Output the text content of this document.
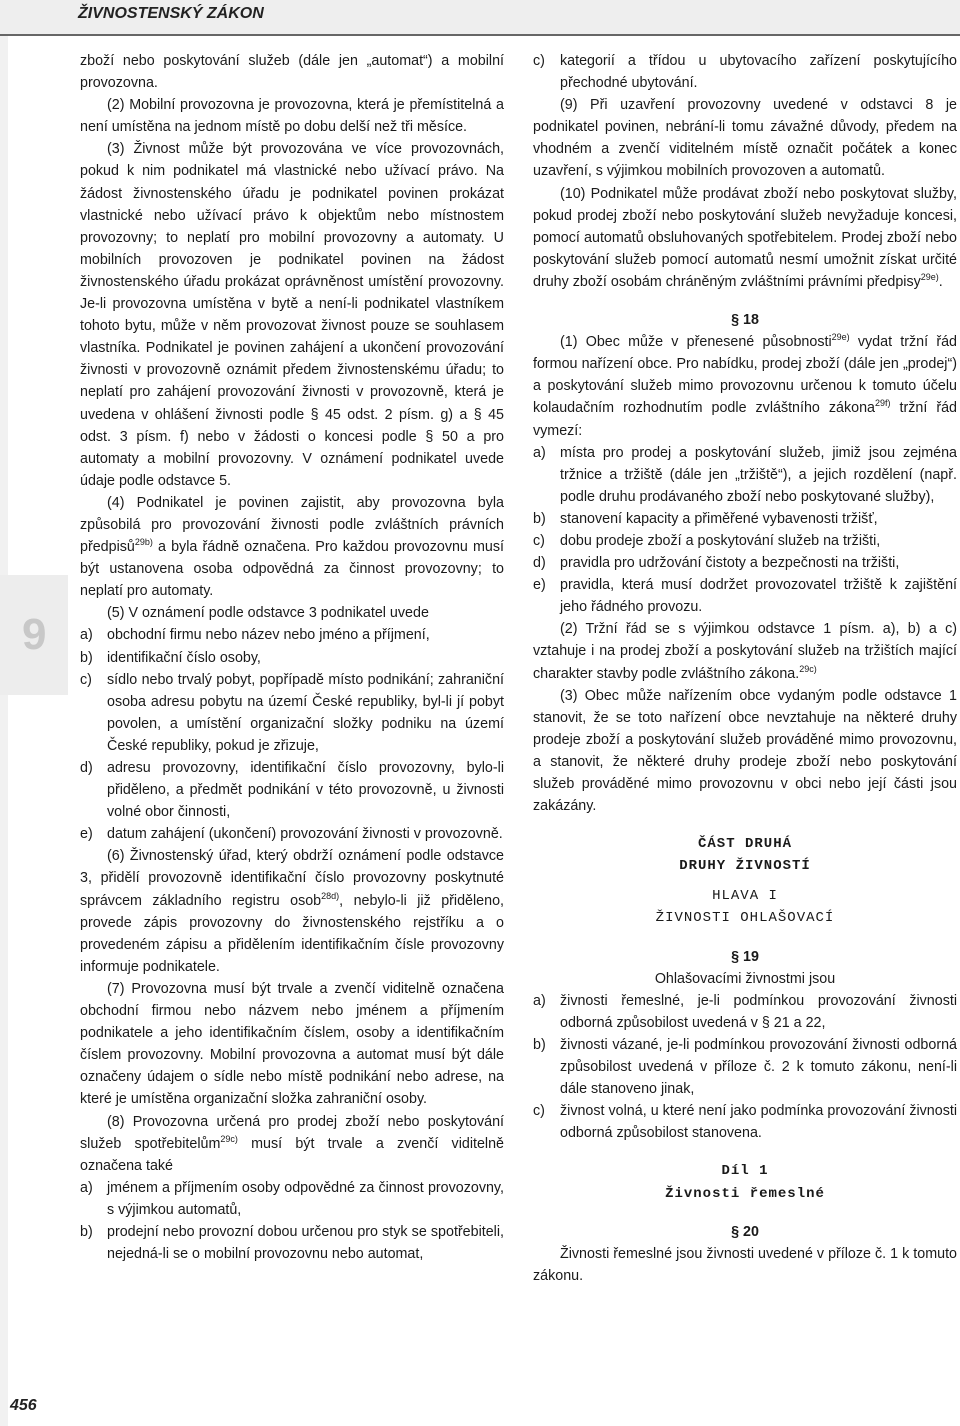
ŽIVNOSTENSKÝ ZÁKON
9

zboží nebo poskytování služeb (dále jen „automat“) a mobilní provozovna.

(2) Mobilní provozovna je provozovna, která je přemístitelná a není umístěna na jednom místě po dobu delší než tři měsíce.

(3) Živnost může být provozována ve více provozovnách, pokud k nim podnikatel má vlastnické nebo užívací právo. Na žádost živnostenského úřadu je podnikatel povinen prokázat vlastnické nebo užívací právo k objektům nebo místnostem provozovny; to neplatí pro mobilní provozovny a automaty. U mobilních provozoven je podnikatel povinen na žádost živnostenského úřadu prokázat oprávněnost umístění provozovny. Je-li provozovna umístěna v bytě a není-li podnikatel vlastníkem tohoto bytu, může v něm provozovat živnost pouze se souhlasem vlastníka. Podnikatel je povinen zahájení a ukončení provozování živnosti v provozovně oznámit předem živnostenskému úřadu; to neplatí pro zahájení provozování živnosti v provozovně, která je uvedena v ohlášení živnosti podle § 45 odst. 2 písm. g) a § 45 odst. 3 písm. f) nebo v žádosti o koncesi podle § 50 a pro automaty a mobilní provozovny. V oznámení podnikatel uvede údaje podle odstavce 5.

(4) Podnikatel je povinen zajistit, aby provozovna byla způsobilá pro provozování živnosti podle zvláštních právních předpisů$^{29b)}$ a byla řádně označena. Pro každou provozovnu musí být ustanovena osoba odpovědná za činnost provozovny; to neplatí pro automaty.

(5) V oznámení podle odstavce 3 podnikatel uvede

a) obchodní firmu nebo název nebo jméno a příjmení,
b) identifikační číslo osoby,
c)	sídlo nebo trvalý pobyt, popřípadě místo podnikání; zahraniční osoba adresu pobytu na území České republiky, byl-li jí pobyt povolen, a umístění organizační složky podniku na území České republiky, pokud je zřizuje,
d) adresu provozovny, identifikační číslo provozovny, bylo-li přiděleno, a předmět podnikání v této provozovně, u živnosti volné obor činnosti,
e) datum zahájení (ukončení) provozování živnosti v provozovně.

(6) Živnostenský úřad, který obdrží oznámení podle odstavce 3, přidělí provozovně identifikační číslo provozovny poskytnuté správcem základního registru osob$^{28d)}$, nebylo-li již přiděleno, provede zápis provozovny do živnostenského rejstříku a o provedeném zápisu a přidělením identifikačním čísle provozovny informuje podnikatele.

(7) Provozovna musí být trvale a zvenčí viditelně označena obchodní firmou nebo názvem nebo jménem a příjmením podnikatele a jeho identifikačním číslem, osoby a identifikačním číslem provozovny. Mobilní provozovna a automat musí být dále označeny údajem o sídle nebo místě podnikání nebo adrese, na které je umístěna organizační složka zahraniční osoby.

(8) Provozovna určená pro prodej zboží nebo poskytování služeb spotřebitelům$^{29c)}$ musí být trvale a zvenčí viditelně označena také

a) jménem a příjmením osoby odpovědné za činnost provozovny, s výjimkou automatů,
b) prodejní nebo provozní dobou určenou pro styk se spotřebiteli, nejedná-li se o mobilní provozovnu nebo automat,
c)	kategorií a třídou u ubytovacího zařízení poskytujícího přechodné ubytování.

(9) Při uzavření provozovny uvedené v odstavci 8 je podnikatel povinen, nebrání-li tomu závažné důvody, předem na vhodném a zvenčí viditelném místě označit počátek a konec uzavření, s výjimkou mobilních provozoven a automatů.

(10) Podnikatel může prodávat zboží nebo poskytovat služby, pokud prodej zboží nebo poskytování služeb nevyžaduje koncesi, pomocí automatů obsluhovaných spotřebitelem. Prodej zboží nebo poskytování služeb pomocí automatů nesmí umožnit získat určité druhy zboží osobám chráněným zvláštními právními předpisy$^{29e)}$.

§ 18

(1) Obec může v přenesené působnosti$^{29e)}$ vydat tržní řád formou nařízení obce. Pro nabídku, prodej zboží (dále jen „prodej“) a poskytování služeb mimo provozovnu určenou k tomuto účelu kolaudačním rozhodnutím podle zvláštního zákona$^{29f)}$ tržní řád vymezí:

a) místa pro prodej a poskytování služeb, jimiž jsou zejména tržnice a tržiště (dále jen „tržiště“), a jejich rozdělení (např. podle druhu prodávaného zboží nebo poskytované služby),
b) stanovení kapacity a přiměřené vybavenosti tržišť,
c)	dobu prodeje zboží a poskytování služeb na tržišti,
d) pravidla pro udržování čistoty a bezpečnosti na tržišti,
e) pravidla, která musí dodržet provozovatel tržiště k zajištění jeho řádného provozu.

(2) Tržní řád se s výjimkou odstavce 1 písm. a), b) a c) vztahuje i na prodej zboží a poskytování služeb na tržištích mající charakter stavby podle zvláštního zákona.$^{29c)}$

(3) Obec může nařízením obce vydaným podle odstavce 1 stanovit, že se toto nařízení obce nevztahuje na některé druhy prodeje zboží a poskytování služeb prováděné mimo provozovnu, a stanovit, že některé druhy prodeje zboží nebo poskytování služeb prováděné mimo provozovnu v obci nebo její části jsou zakázány.

ČÁST DRUHÁ

DRUHY ŽIVNOSTÍ

HLAVA I

ŽIVNOSTI OHLAŠOVACÍ

§ 19

Ohlašovacími živnostmi jsou

a) živnosti řemeslné, je-li podmínkou provozování živnosti odborná způsobilost uvedená v § 21 a 22,
b) živnosti vázané, je-li podmínkou provozování živnosti odborná způsobilost uvedená v příloze č. 2 k tomuto zákonu, není-li dále stanoveno jinak,
c)	živnost volná, u které není jako podmínka provozování živnosti odborná způsobilost stanovena.

Díl 1

Živnosti řemeslné

§ 20

Živnosti řemeslné jsou živnosti uvedené v příloze č. 1 k tomuto zákonu.

456
